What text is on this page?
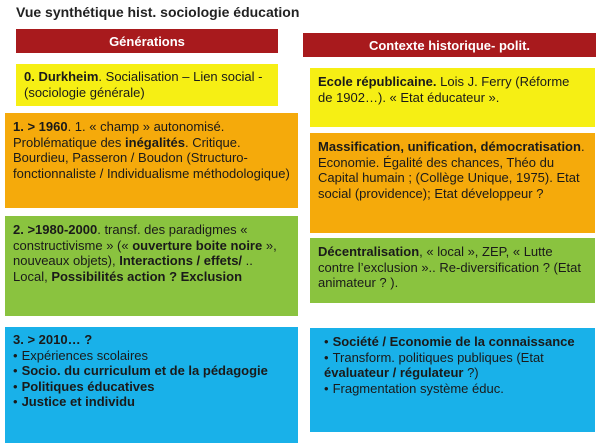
Vue synthétique hist. sociologie éducation
Générations	Contexte historique- polit.
0. Durkheim. Socialisation – Lien social - (sociologie générale)
1. > 1960. 1. « champ » autonomisé. Problématique des inégalités. Critique. Bourdieu, Passeron / Boudon (Structuro-fonctionnaliste / Individualisme méthodologique)
2. >1980-2000. transf. des paradigmes « constructivisme » (« ouverture boite noire », nouveaux objets), Interactions / effets/ .. Local, Possibilités action ? Exclusion
3. > 2010… ?
• Expériences scolaires
• Socio. du curriculum et de la pédagogie
• Politiques éducatives
• Justice et individu
Ecole républicaine. Lois J. Ferry (Réforme de 1902…). « Etat éducateur ».
Massification, unification, démocratisation. Economie. Égalité des chances, Théo du Capital humain ; (Collège Unique, 1975). Etat social (providence); Etat développeur ?
Décentralisation, « local », ZEP, « Lutte contre l’exclusion ».. Re-diversification ? (Etat animateur ? ).
• Société / Economie de la connaissance
• Transform. politiques publiques (Etat évaluateur / régulateur ?)
• Fragmentation système éduc.
